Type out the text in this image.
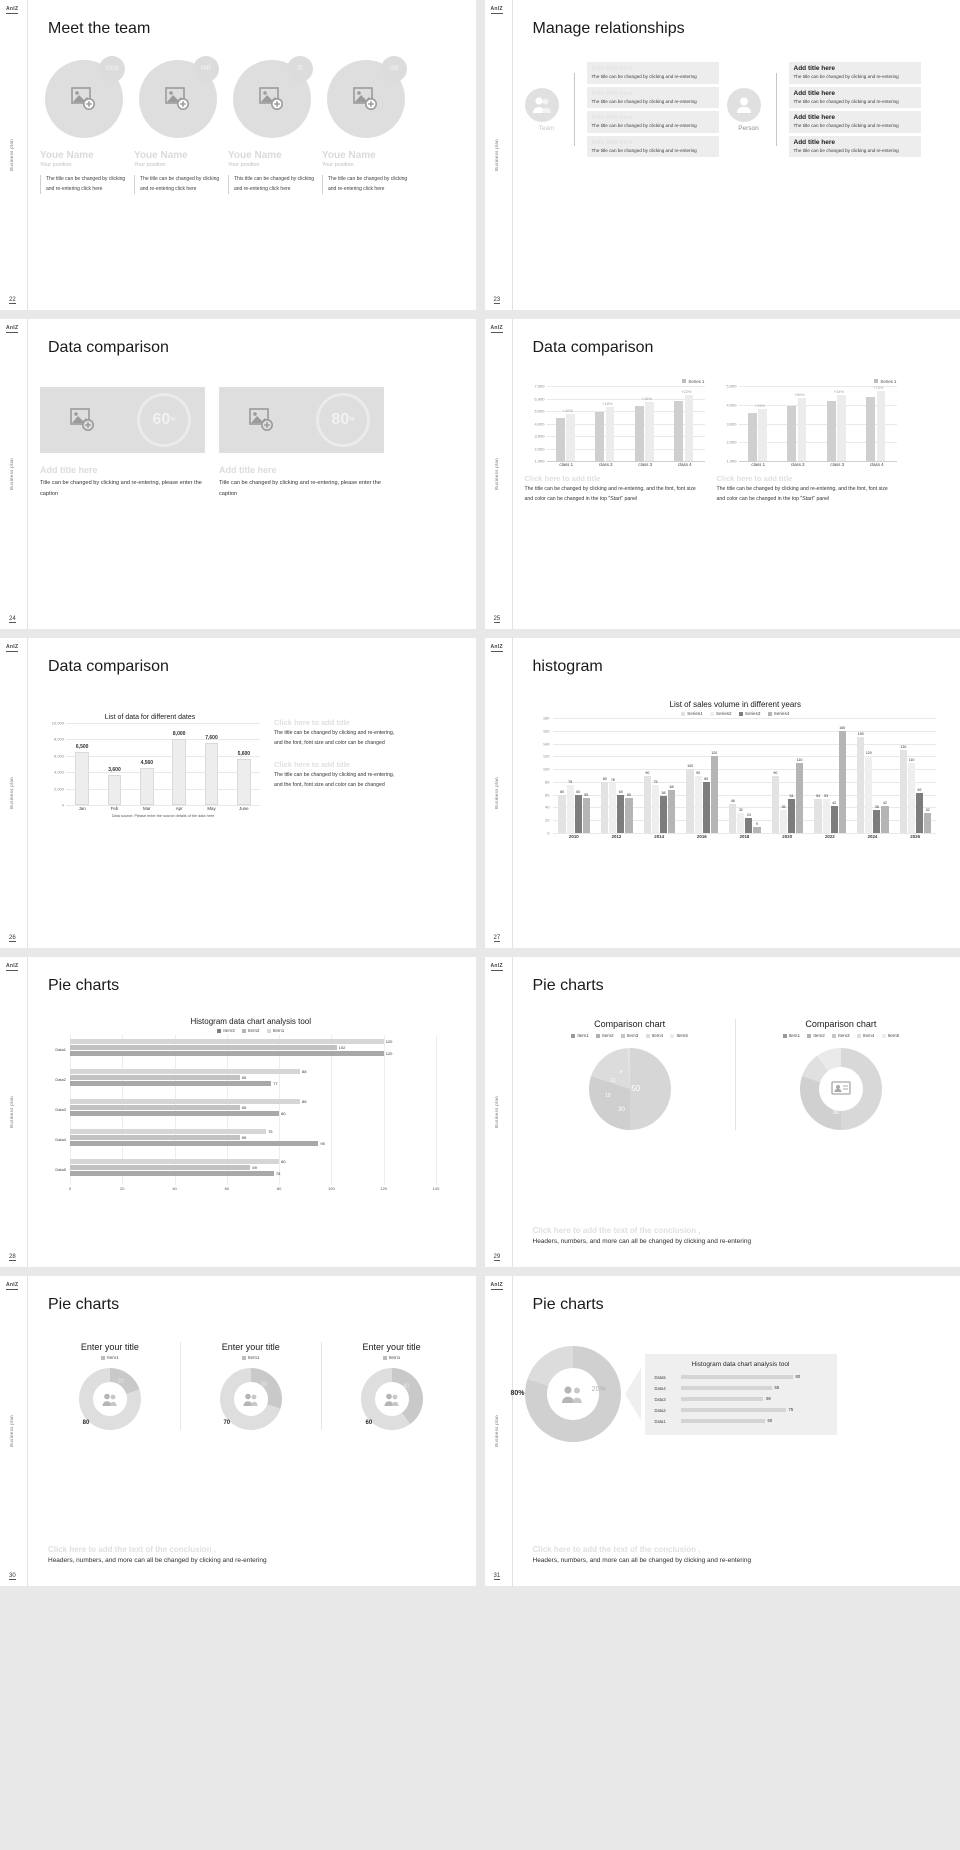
AnIZ
Business plan
22
Meet the team
CEO
Youe Name
Your position
The title can be changed by clicking and re-entering click here
PIR
Youe Name
Your position
The title can be changed by clicking and re-entering click here
IT
Youe Name
Your position
This title can be changed by clicking and re-entering click here
OD
Youe Name
Your position
The title can be changed by clicking and re-entering click here
AnIZ
Business plan
23
Manage relationships
Team
Add title here
The title can be changed by clicking and re-entering
Add title here
The title can be changed by clicking and re-entering
Add title here
The title can be changed by clicking and re-entering
Add title here
The title can be changed by clicking and re-entering
Person
Add title here
The title can be changed by clicking and re-entering
Add title here
The title can be changed by clicking and re-entering
Add title here
The title can be changed by clicking and re-entering
Add title here
The title can be changed by clicking and re-entering
AnIZ
Business plan
24
Data comparison
60 %
Add title here
Title can be changed by clicking and re-entering, please enter the caption
80 %
Add title here
Title can be changed by clicking and re-entering, please enter the caption
AnIZ
Business plan
25
Data comparison
Series 1
7,000
6,000
5,000
4,000
3,000
2,000
1,000
+10%
+18%
+16%
+22%
class 1	class 2	class 3	class 4
Click here to add title
The title can be changed by clicking and re-entering, and the font, font size and color can be changed in the top "Start" panel
Series 1
5,000
4,000
3,000
2,000
1,000
+24%
+50%
+34%
+73%
class 1	class 2	class 3	class 4
Click here to add title
The title can be changed by clicking and re-entering, and the font, font size and color can be changed in the top "Start" panel
AnIZ
Business plan
26
Data comparison
List of data for different dates
10,000
8,000
6,000
4,000
2,000
0
6,500
3,600
4,560
8,000
7,600
5,600
Jan	Feb	Mar	Apr	May	June
Data source: Please enter the source details of the data here
Click here to add title
The title can be changed by clicking and re-entering, and the font, font size and color can be changed
Click here to add title
The title can be changed by clicking and re-entering, and the font, font size and color can be changed
AnIZ
Business plan
27
histogram
List of sales volume in different years
Series1	Series2	Series3	Series4
180
160
140
120
100
80
60
40
20
0
60
75
60
55
80	78
60
55
90
75
58
68
100
90
80
120
46
32
24
9
90
36
54
110
54	53
42
160
150
120
36
42
130
110
62
32
2010	2012	2014	2016	2018	2020	2022	2024	2026
AnIZ
Business plan
28
Pie charts
Histogram data chart analysis tool
Item3	Item2	Item1
Data1
120
102
120
Data2
88
65
77
Data3
88
65
80
Data4
75
65
95
Data5
80
69
78
0	20	40	60	80	100	120	140
AnIZ
Business plan
29
Pie charts
Comparison chart
Item1	Item2	Item3	Item4	Item5
50
30
19
12
9
Comparison chart
Item1	Item2	Item3	Item4	Item5
50
30
Click here to add the text of the conclusion ,
Headers, numbers, and more can all be changed by clicking and re-entering
AnIZ
Business plan
30
Pie charts
Enter your title
Item1
20
80
Enter your title
Item1
30
70
Enter your title
Item1
40
60
Click here to add the text of the conclusion ,
Headers, numbers, and more can all be changed by clicking and re-entering
AnIZ
Business plan
31
Pie charts
80%
20%
Histogram data chart analysis tool
Data5	80
Data4	65
Data3	59
Data2	75
Data1	60
Click here to add the text of the conclusion ,
Headers, numbers, and more can all be changed by clicking and re-entering
